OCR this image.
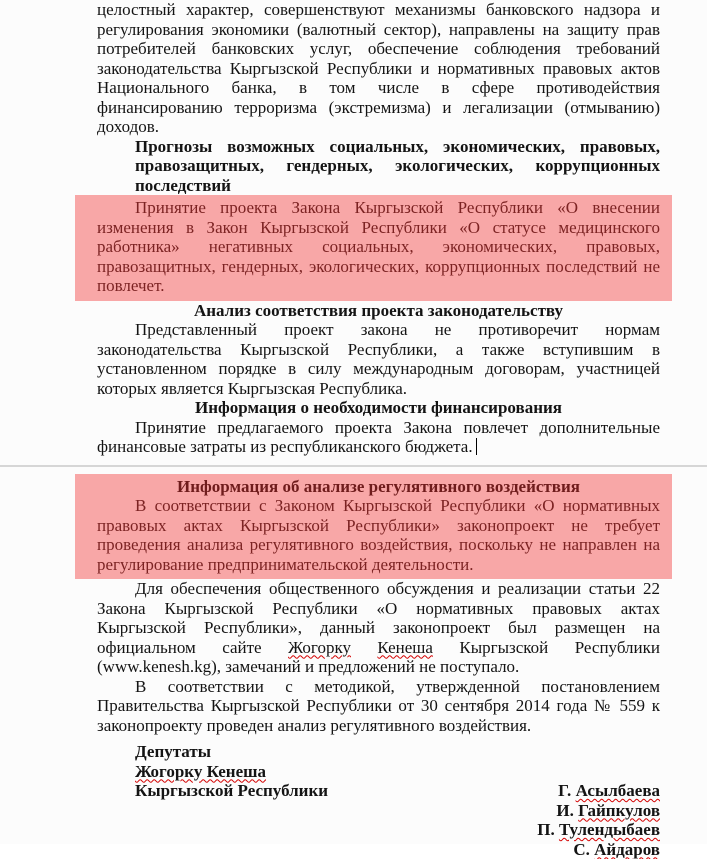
целостный характер, совершенствуют механизмы банковского надзора и регулирования экономики (валютный сектор), направлены на защиту прав потребителей банковских услуг, обеспечение соблюдения требований законодательства Кыргызской Республики и нормативных правовых актов Национального банка, в том числе в сфере противодействия финансированию терроризма (экстремизма) и легализации (отмыванию) доходов.

Прогнозы возможных социальных, экономических, правовых, правозащитных, гендерных, экологических, коррупционных последствий

Принятие проекта Закона Кыргызской Республики «О внесении изменения в Закон Кыргызской Республики «О статусе медицинского работника» негативных социальных, экономических, правовых, правозащитных, гендерных, экологических, коррупционных последствий не повлечет.

Анализ соответствия проекта законодательству

Представленный проект закона не противоречит нормам законодательства Кыргызской Республики, а также вступившим в установленном порядке в силу международным договорам, участницей которых является Кыргызская Республика.

Информация о необходимости финансирования

Принятие предлагаемого проекта Закона повлечет дополнительные финансовые затраты из республиканского бюджета.

Информация об анализе регулятивного воздействия

В соответствии с Законом Кыргызской Республики «О нормативных правовых актах Кыргызской Республики» законопроект не требует проведения анализа регулятивного воздействия, поскольку не направлен на регулирование предпринимательской деятельности.

Для обеспечения общественного обсуждения и реализации статьи 22 Закона Кыргызской Республики «О нормативных правовых актах Кыргызской Республики», данный законопроект был размещен на официальном сайте Жогорку Кенеша Кыргызской Республики (www.kenesh.kg), замечаний и предложений не поступало.

В соответствии с методикой, утвержденной постановлением Правительства Кыргызской Республики от 30 сентября 2014 года № 559 к законопроекту проведен анализ регулятивного воздействия.

Депутаты
Жогорку Кенеша
Кыргызской Республики	Г. Асылбаева
И. Гайпкулов
П. Тулендыбаев
С. Айдаров
